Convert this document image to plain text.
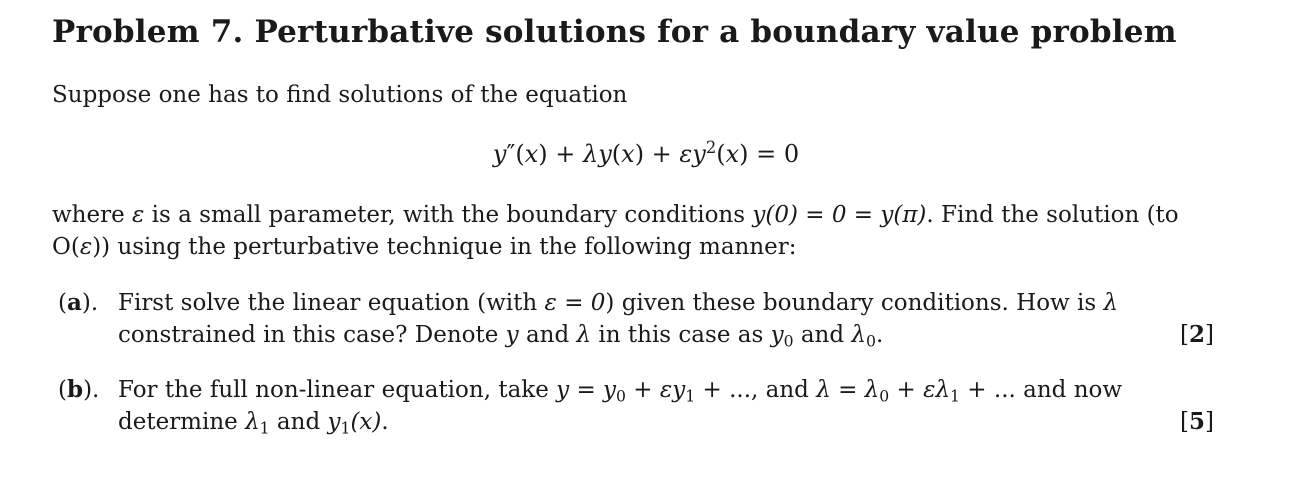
Problem 7. Perturbative solutions for a boundary value problem
Suppose one has to find solutions of the equation
$y''(x) + \lambda y(x) + \varepsilon y^2(x) = 0$
where ε is a small parameter, with the boundary conditions y(0) = 0 = y(π). Find the solution (to O(ε)) using the perturbative technique in the following manner:
(a). First solve the linear equation (with ε = 0) given these boundary conditions. How is λ constrained in this case? Denote y and λ in this case as $y_0$ and $\lambda_0$.	[2]
(b). For the full non-linear equation, take $y = y_0 + \varepsilon y_1$ + ..., and $\lambda = \lambda_0 + \varepsilon\lambda_1$ + ... and now determine $\lambda_1$ and $y_1(x)$.	[5]
